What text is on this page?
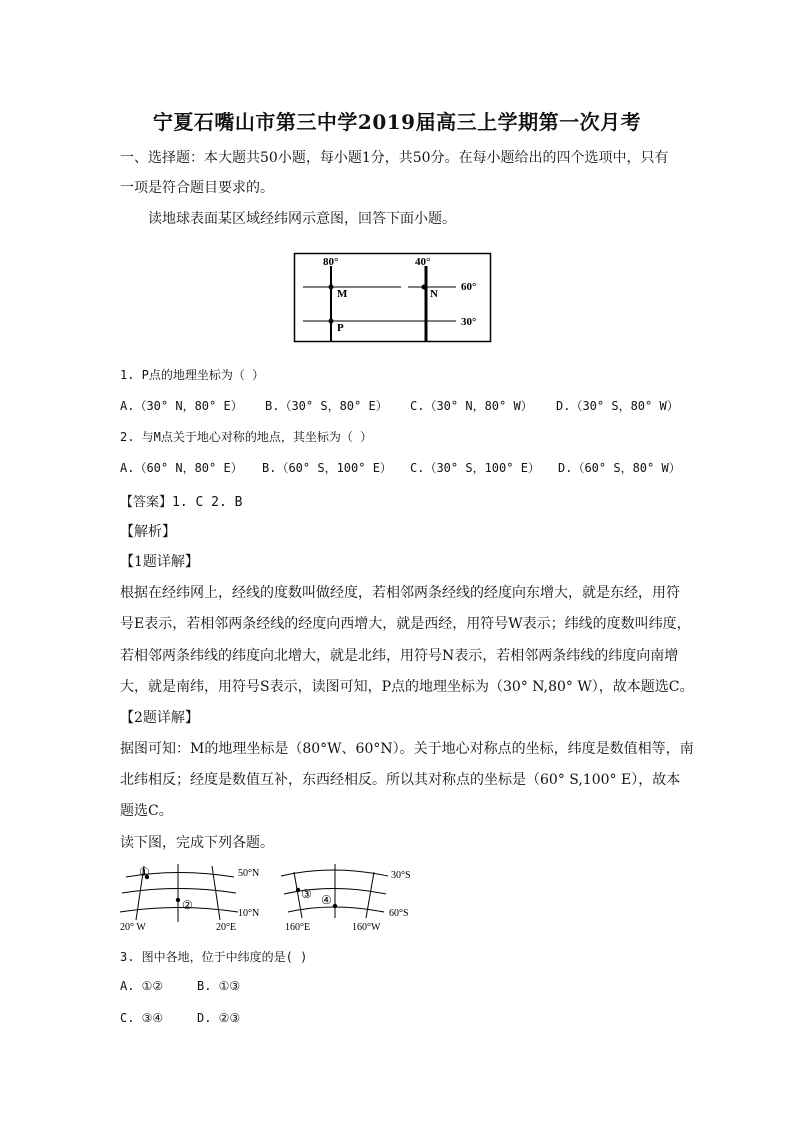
宁夏石嘴山市第三中学2019届高三上学期第一次月考
一、选择题：本大题共50小题，每小题1分，共50分。在每小题给出的四个选项中，只有
一项是符合题目要求的。
读地球表面某区域经纬网示意图，回答下面小题。
80°	40°
60°
30°
M	N
P
1. P点的地理坐标为（ ）
A.（30° N，80° E） B.（30° S，80° E） C.（30° N，80° W） D.（30° S，80° W）
2. 与M点关于地心对称的地点，其坐标为（ ）
A.（60° N，80° E） B.（60° S，100° E） C.（30° S，100° E） D.（60° S，80° W）
【答案】1. C 2. B
【解析】
【1题详解】
根据在经纬网上，经线的度数叫做经度，若相邻两条经线的经度向东增大，就是东经，用符
号E表示，若相邻两条经线的经度向西增大，就是西经，用符号W表示；纬线的度数叫纬度，
若相邻两条纬线的纬度向北增大，就是北纬，用符号N表示，若相邻两条纬线的纬度向南增
大，就是南纬，用符号S表示，读图可知，P点的地理坐标为（30° N,80° W），故本题选C。
【2题详解】
据图可知：M的地理坐标是（80°W、60°N）。关于地心对称点的坐标，纬度是数值相等，南
北纬相反；经度是数值互补，东西经相反。所以其对称点的坐标是（60° S,100° E），故本
题选C。
读下图，完成下列各题。
①
②
50°N
10°N
20° W	20°E
③ ④
30°S
60°S
160°E	160°W
3. 图中各地，位于中纬度的是( )
A. ①②	B. ①③
C. ③④	D. ②③
